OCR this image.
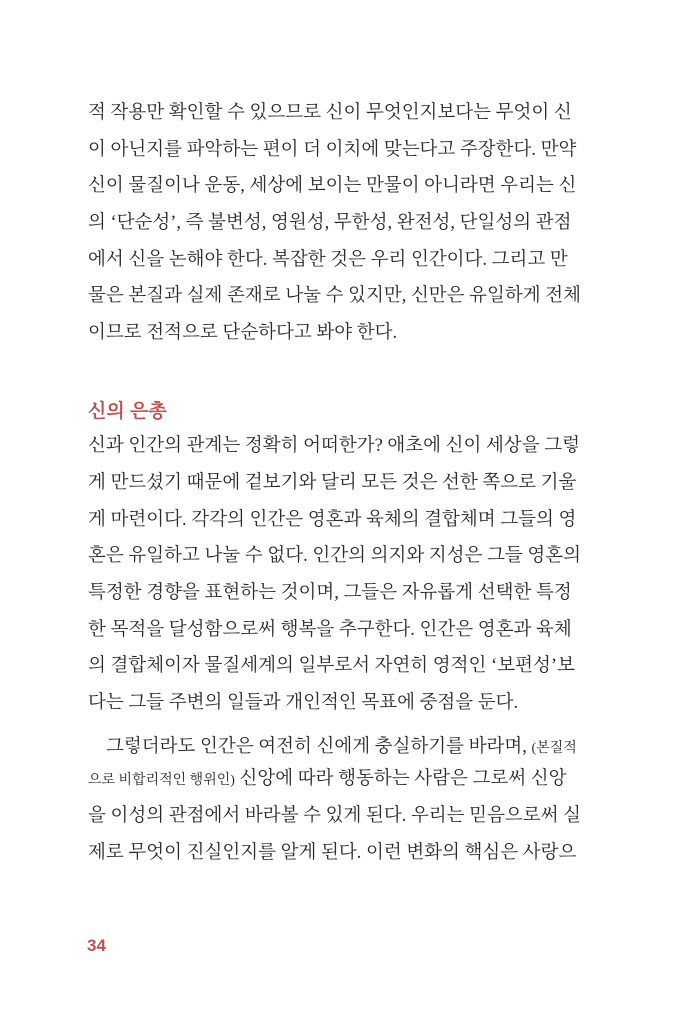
적 작용만 확인할 수 있으므로 신이 무엇인지보다는 무엇이 신
이 아닌지를 파악하는 편이 더 이치에 맞는다고 주장한다. 만약
신이 물질이나 운동, 세상에 보이는 만물이 아니라면 우리는 신
의 ‘단순성’, 즉 불변성, 영원성, 무한성, 완전성, 단일성의 관점
에서 신을 논해야 한다. 복잡한 것은 우리 인간이다. 그리고 만
물은 본질과 실제 존재로 나눌 수 있지만, 신만은 유일하게 전체
이므로 전적으로 단순하다고 봐야 한다.
신의 은총
신과 인간의 관계는 정확히 어떠한가? 애초에 신이 세상을 그렇
게 만드셨기 때문에 겉보기와 달리 모든 것은 선한 쪽으로 기울
게 마련이다. 각각의 인간은 영혼과 육체의 결합체며 그들의 영
혼은 유일하고 나눌 수 없다. 인간의 의지와 지성은 그들 영혼의
특정한 경향을 표현하는 것이며, 그들은 자유롭게 선택한 특정
한 목적을 달성함으로써 행복을 추구한다. 인간은 영혼과 육체
의 결합체이자 물질세계의 일부로서 자연히 영적인 ‘보편성’보
다는 그들 주변의 일들과 개인적인 목표에 중점을 둔다.
그렇더라도 인간은 여전히 신에게 충실하기를 바라며, (본질적
으로 비합리적인 행위인) 신앙에 따라 행동하는 사람은 그로써 신앙
을 이성의 관점에서 바라볼 수 있게 된다. 우리는 믿음으로써 실
제로 무엇이 진실인지를 알게 된다. 이런 변화의 핵심은 사랑으
34
